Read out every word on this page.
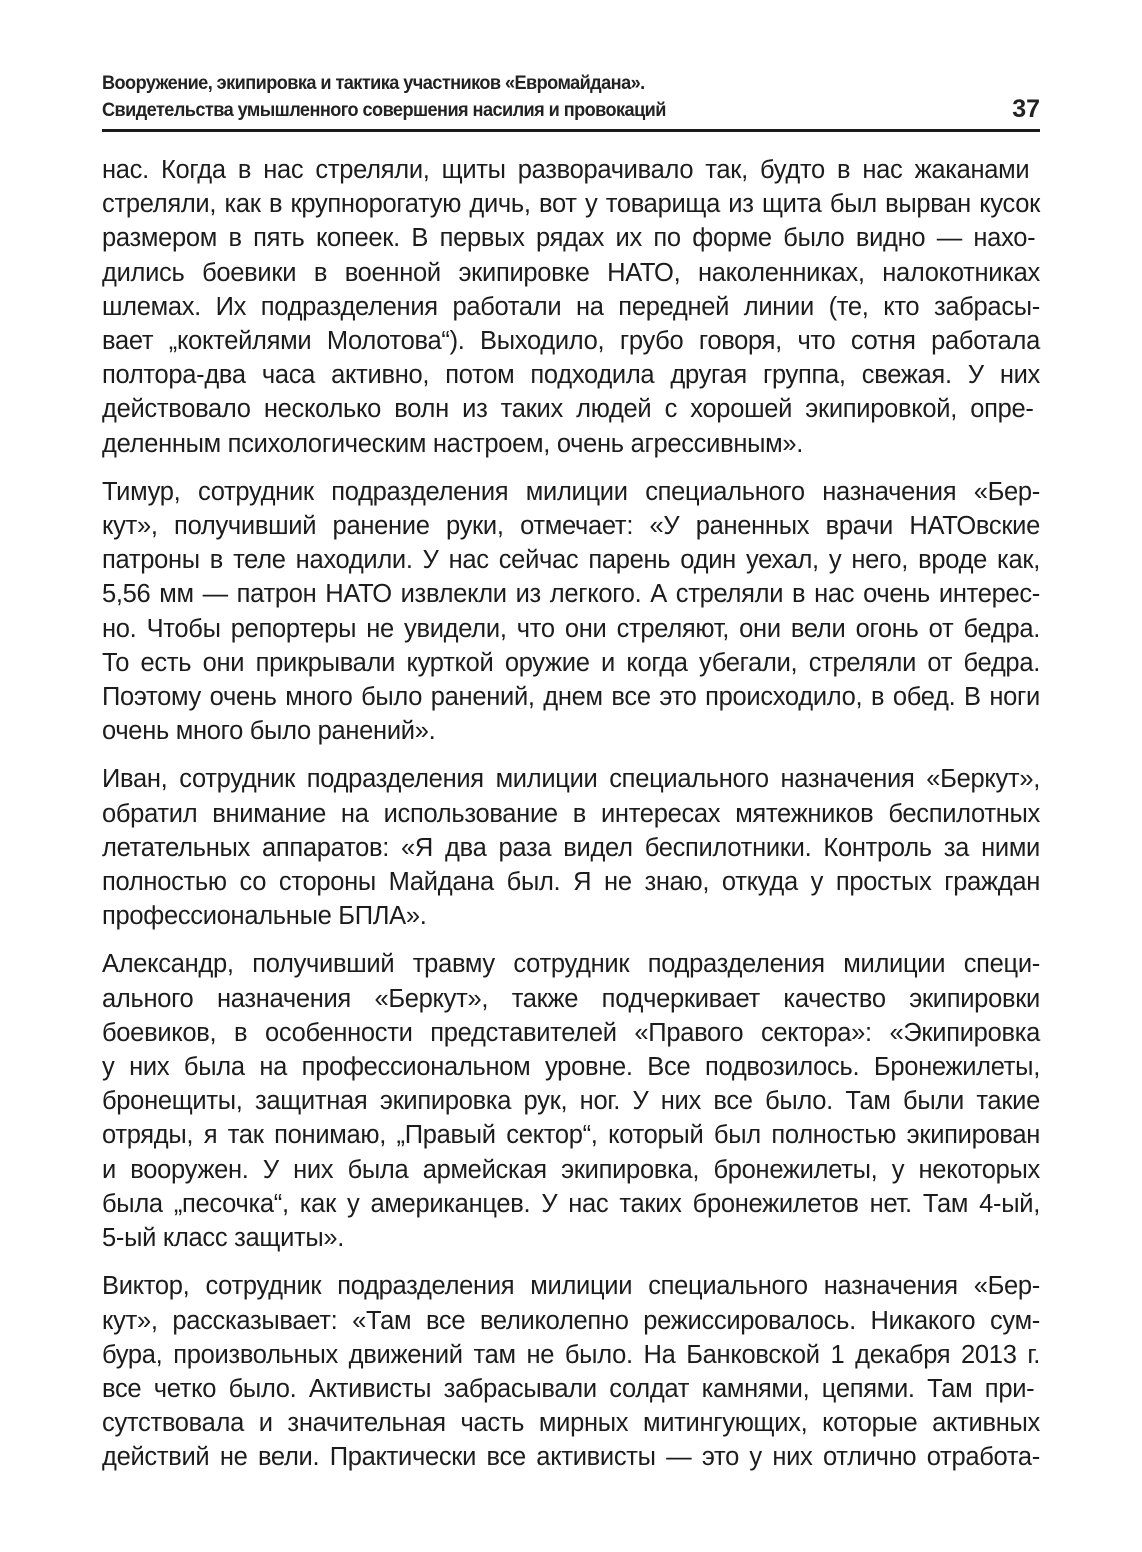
Вооружение, экипировка и тактика участников «Евромайдана».
Свидетельства умышленного совершения насилия и провокаций	37

нас. Когда в нас стреляли, щиты разворачивало так, будто в нас жаканами
стреляли, как в крупнорогатую дичь, вот у товарища из щита был вырван кусок
размером в пять копеек. В первых рядах их по форме было видно — нахо-
дились боевики в военной экипировке НАТО, наколенниках, налокотниках
шлемах. Их подразделения работали на передней линии (те, кто забрасы-
вает „коктейлями Молотова“). Выходило, грубо говоря, что сотня работала
полтора-два часа активно, потом подходила другая группа, свежая. У них
действовало несколько волн из таких людей с хорошей экипировкой, опре-
деленным психологическим настроем, очень агрессивным».

Тимур, сотрудник подразделения милиции специального назначения «Бер-
кут», получивший ранение руки, отмечает: «У раненных врачи НАТОвские
патроны в теле находили. У нас сейчас парень один уехал, у него, вроде как,
5,56 мм — патрон НАТО извлекли из легкого. А стреляли в нас очень интерес-
но. Чтобы репортеры не увидели, что они стреляют, они вели огонь от бедра.
То есть они прикрывали курткой оружие и когда убегали, стреляли от бедра.
Поэтому очень много было ранений, днем все это происходило, в обед. В ноги
очень много было ранений».

Иван, сотрудник подразделения милиции специального назначения «Беркут»,
обратил внимание на использование в интересах мятежников беспилотных
летательных аппаратов: «Я два раза видел беспилотники. Контроль за ними
полностью со стороны Майдана был. Я не знаю, откуда у простых граждан
профессиональные БПЛА».

Александр, получивший травму сотрудник подразделения милиции специ-
ального назначения «Беркут», также подчеркивает качество экипировки
боевиков, в особенности представителей «Правого сектора»: «Экипировка
у них была на профессиональном уровне. Все подвозилось. Бронежилеты,
бронещиты, защитная экипировка рук, ног. У них все было. Там были такие
отряды, я так понимаю, „Правый сектор“, который был полностью экипирован
и вооружен. У них была армейская экипировка, бронежилеты, у некоторых
была „песочка“, как у американцев. У нас таких бронежилетов нет. Там 4-ый,
5-ый класс защиты».

Виктор, сотрудник подразделения милиции специального назначения «Бер-
кут», рассказывает: «Там все великолепно режиссировалось. Никакого сум-
бура, произвольных движений там не было. На Банковской 1 декабря 2013 г.
все четко было. Активисты забрасывали солдат камнями, цепями. Там при-
сутствовала и значительная часть мирных митингующих, которые активных
действий не вели. Практически все активисты — это у них отлично отработа-
